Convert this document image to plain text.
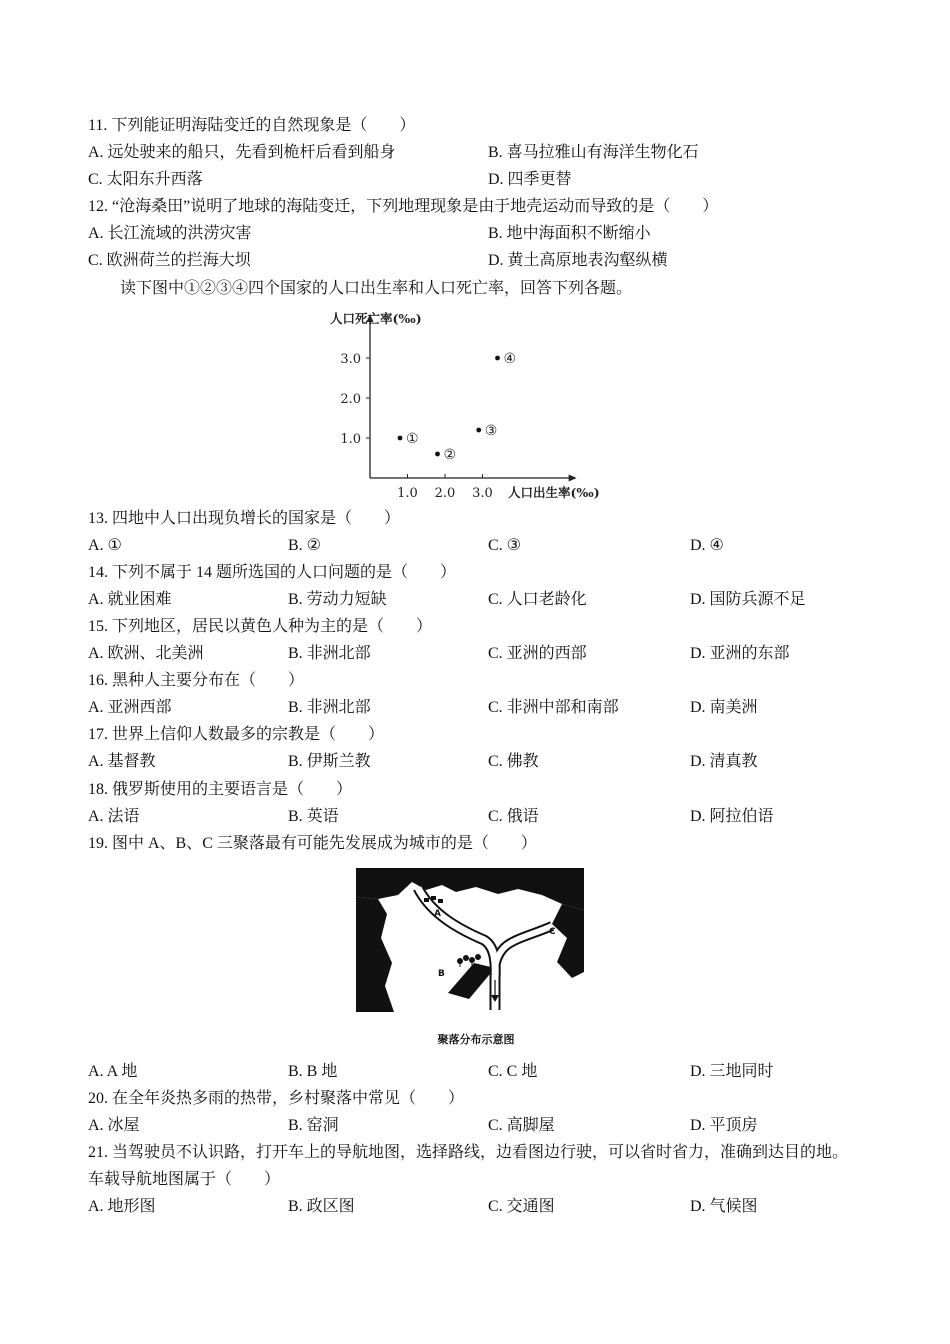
11. 下列能证明海陆变迁的自然现象是（　　）
A. 远处驶来的船只，先看到桅杆后看到船身	B. 喜马拉雅山有海洋生物化石
C. 太阳东升西落	D. 四季更替
12. “沧海桑田”说明了地球的海陆变迁，下列地理现象是由于地壳运动而导致的是（　　）
A. 长江流域的洪涝灾害	B. 地中海面积不断缩小
C. 欧洲荷兰的拦海大坝	D. 黄土高原地表沟壑纵横
读下图中①②③④四个国家的人口出生率和人口死亡率，回答下列各题。
1.0 2.0 3.0
1.0
2.0
3.0
人口死亡率(‰)
人口出生率(‰)
①
②
③
④
13. 四地中人口出现负增长的国家是（　　）
A. ①	B. ②	C. ③	D. ④
14. 下列不属于 14 题所选国的人口问题的是（　　）
A. 就业困难	B. 劳动力短缺	C. 人口老龄化	D. 国防兵源不足
15. 下列地区，居民以黄色人种为主的是（　　）
A. 欧洲、北美洲	B. 非洲北部	C. 亚洲的西部	D. 亚洲的东部
16. 黑种人主要分布在（　　）
A. 亚洲西部	B. 非洲北部	C. 非洲中部和南部	D. 南美洲
17. 世界上信仰人数最多的宗教是（　　）
A. 基督教	B. 伊斯兰教	C. 佛教	D. 清真教
18. 俄罗斯使用的主要语言是（　　）
A. 法语	B. 英语	C. 俄语	D. 阿拉伯语
19. 图中 A、B、C 三聚落最有可能先发展成为城市的是（　　）
A
B
C
聚落分布示意图
A. A 地	B. B 地	C. C 地	D. 三地同时
20. 在全年炎热多雨的热带，乡村聚落中常见（　　）
A. 冰屋	B. 窑洞	C. 高脚屋	D. 平顶房
21. 当驾驶员不认识路，打开车上的导航地图，选择路线，边看图边行驶，可以省时省力，准确到达目的地。
车载导航地图属于（　　）
A. 地形图	B. 政区图	C. 交通图	D. 气候图
